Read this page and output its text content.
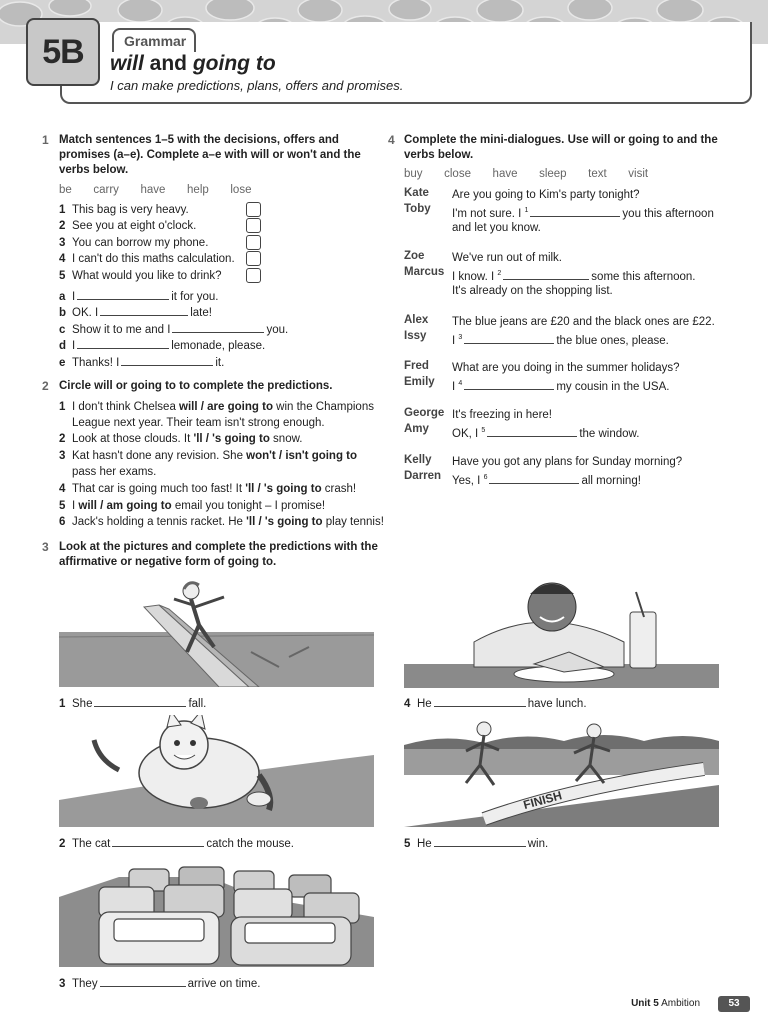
Grammar
5B	will and going to
I can make predictions, plans, offers and promises.
1 Match sentences 1–5 with the decisions, offers and
promises (a–e). Complete a–e with will or won't and the
verbs below.
be   carry   have   help   lose
1 This bag is very heavy.
2 See you at eight o'clock.
3 You can borrow my phone.
4 I can't do this maths calculation.
5 What would you like to drink?
a I	it for you.
b OK. I	late!
c Show it to me and I	you.
d I	lemonade, please.
e Thanks! I	it.
2 Circle will or going to to complete the predictions.
1 I don't think Chelsea will / are going to win the Champions
League next year. Their team isn't strong enough.
2 Look at those clouds. It 'll / 's going to snow.
3 Kat hasn't done any revision. She won't / isn't going to
pass her exams.
4 That car is going much too fast! It 'll / 's going to crash!
5 I will / am going to email you tonight – I promise!
6 Jack's holding a tennis racket. He 'll / 's going to play tennis!
3 Look at the pictures and complete the predictions with the
affirmative or negative form of going to.
1 She	fall.
2 The cat	catch the mouse.
3 They	arrive on time.
4 He	have lunch.
FINISH
5 He	win.
4 Complete the mini-dialogues. Use will or going to and the
verbs below.
buy   close   have   sleep   text   visit
Kate Are you going to Kim's party tonight?
Toby I'm not sure. I $^1$	you this afternoon
and let you know.
Zoe We've run out of milk.
Marcus I know. I $^2$	some this afternoon.
It's already on the shopping list.
Alex The blue jeans are £20 and the black ones are £22.
Issy I $^3$	the blue ones, please.
Fred What are you doing in the summer holidays?
Emily I $^4$	my cousin in the USA.
George It's freezing in here!
Amy OK, I $^5$	the window.
Kelly Have you got any plans for Sunday morning?
Darren Yes, I $^6$	all morning!
Unit 5 Ambition	53
